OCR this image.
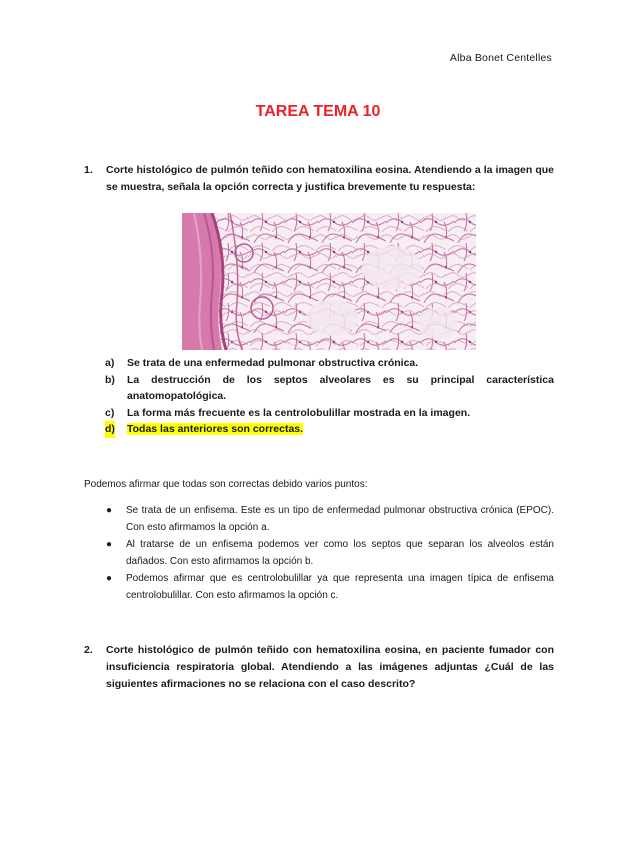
Alba Bonet Centelles
TAREA TEMA 10
1. Corte histológico de pulmón teñido con hematoxilina eosina. Atendiendo a la imagen que se muestra, señala la opción correcta y justifica brevemente tu respuesta:
a) Se trata de una enfermedad pulmonar obstructiva crónica.
b) La destrucción de los septos alveolares es su principal característica anatomopatológica.
c) La forma más frecuente es la centrolobulillar mostrada en la imagen.
d) Todas las anteriores son correctas.
Podemos afirmar que todas son correctas debido varios puntos:
● Se trata de un enfisema. Este es un tipo de enfermedad pulmonar obstructiva crónica (EPOC). Con esto afirmamos la opción a.
● Al tratarse de un enfisema podemos ver como los septos que separan los alveolos están dañados. Con esto afirmamos la opción b.
● Podemos afirmar que es centrolobulillar ya que representa una imagen típica de enfisema centrolobulillar. Con esto afirmamos la opción c.
2. Corte histológico de pulmón teñido con hematoxilina eosina, en paciente fumador con insuficiencia respiratoria global. Atendiendo a las imágenes adjuntas ¿Cuál de las siguientes afirmaciones no se relaciona con el caso descrito?
